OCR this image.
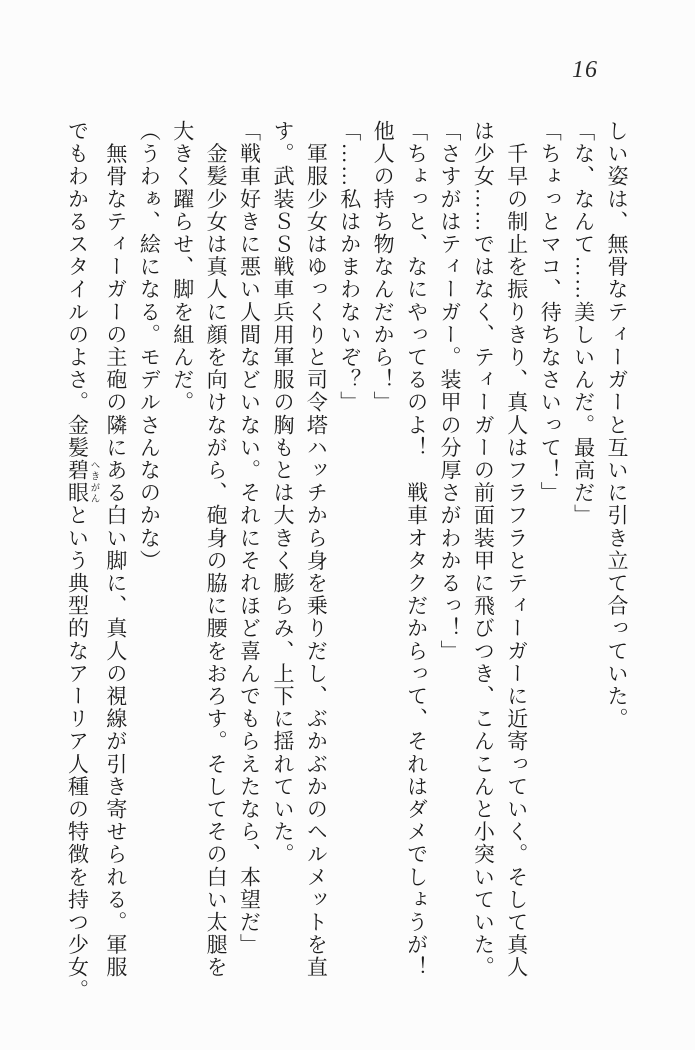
16
しい姿は、無骨なティーガーと互いに引き立て合っていた。
「な、なんて……美しいんだ。最高だ」
「ちょっとマコ、待ちなさいって！」
　千早の制止を振りきり、真人はフラフラとティーガーに近寄っていく。そして真人
は少女……ではなく、ティーガーの前面装甲に飛びつき、こんこんと小突いていた。
「さすがはティーガー。装甲の分厚さがわかるっ！」
「ちょっと、なにやってるのよ！　戦車オタクだからって、それはダメでしょうが！
他人の持ち物なんだから！」
「……私はかまわないぞ？」
　軍服少女はゆっくりと司令塔ハッチから身を乗りだし、ぶかぶかのヘルメットを直
す。武装ＳＳ戦車兵用軍服の胸もとは大きく膨らみ、上下に揺れていた。
「戦車好きに悪い人間などいない。それにそれほど喜んでもらえたなら、本望だ」
　金髪少女は真人に顔を向けながら、砲身の脇に腰をおろす。そしてその白い太腿を
大きく躍らせ、脚を組んだ。
（うわぁ、絵になる。モデルさんなのかな）
　無骨なティーガーの主砲の隣にある白い脚に、真人の視線が引き寄せられる。軍服
でもわかるスタイルのよさ。金髪碧眼 へきがんという典型的なアーリア人種の特徴を持つ少女。
